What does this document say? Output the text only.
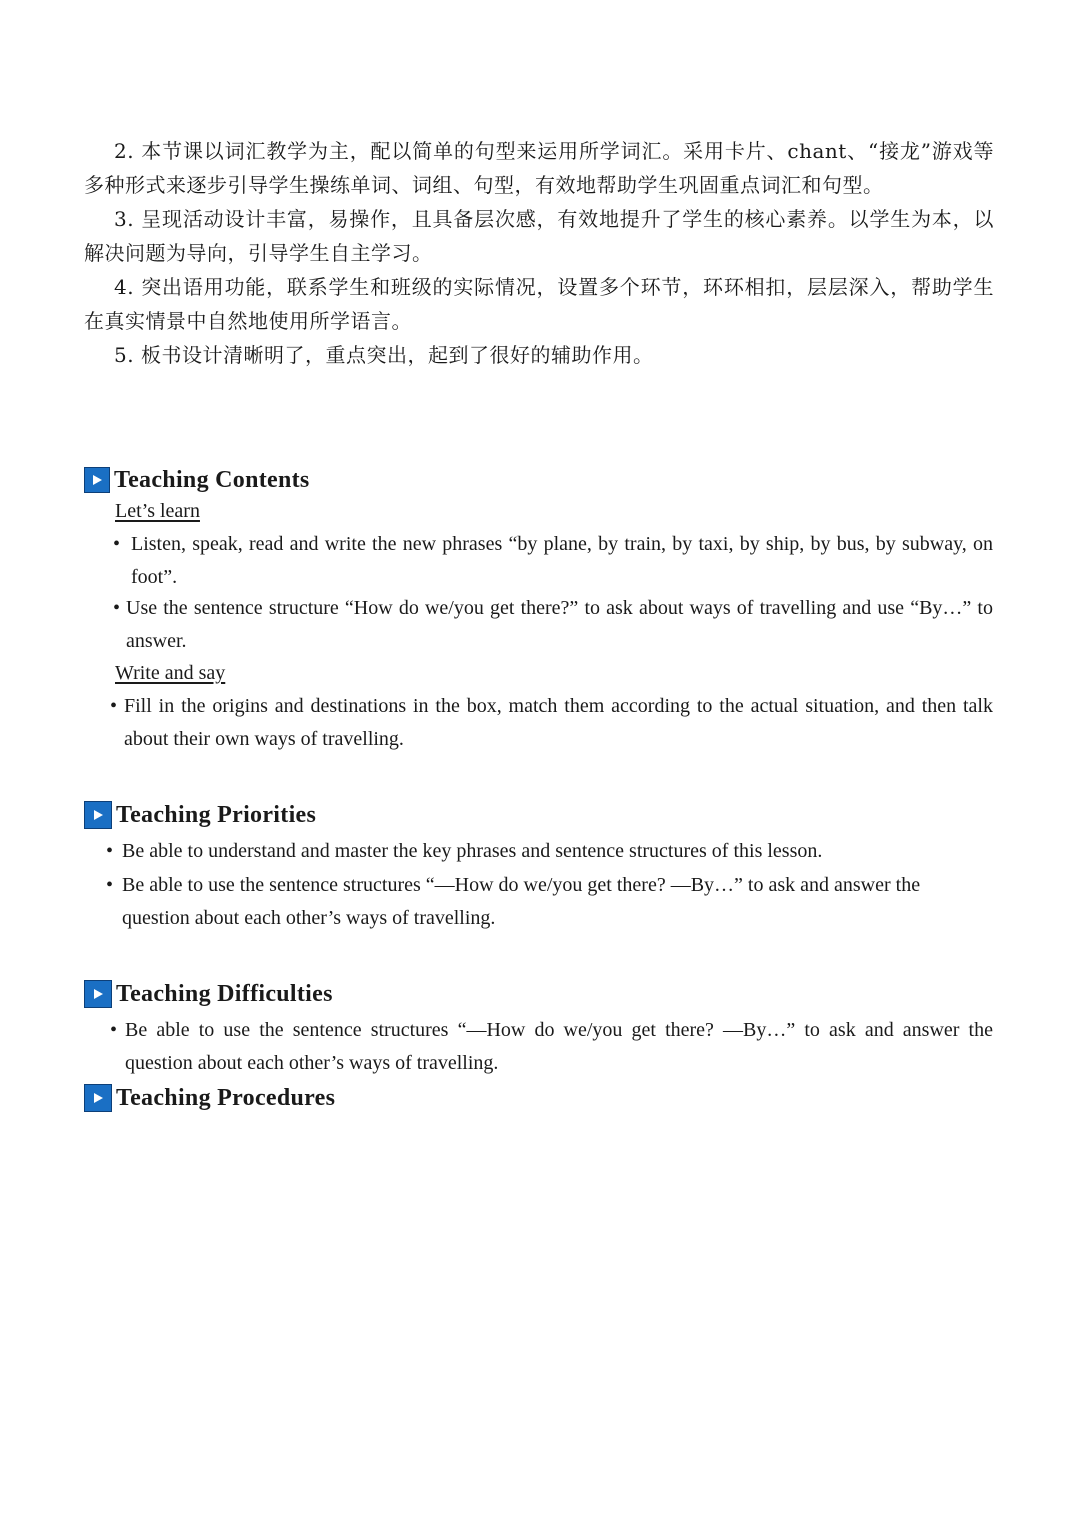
2. 本节课以词汇教学为主，配以简单的句型来运用所学词汇。采用卡片、chant、“接龙”游戏等多种形式来逐步引导学生操练单词、词组、句型，有效地帮助学生巩固重点词汇和句型。

3. 呈现活动设计丰富，易操作，且具备层次感，有效地提升了学生的核心素养。以学生为本，以解决问题为导向，引导学生自主学习。

4. 突出语用功能，联系学生和班级的实际情况，设置多个环节，环环相扣，层层深入，帮助学生在真实情景中自然地使用所学语言。

5. 板书设计清晰明了，重点突出，起到了很好的辅助作用。

Teaching Contents
Let’s learn
• Listen, speak, read and write the new phrases “by plane, by train, by taxi, by ship, by bus, by subway, on foot”.
• Use the sentence structure “How do we/you get there?” to ask about ways of travelling and use “By…” to answer.
Write and say
• Fill in the origins and destinations in the box, match them according to the actual situation, and then talk about their own ways of travelling.
Teaching Priorities
• Be able to understand and master the key phrases and sentence structures of this lesson.
• Be able to use the sentence structures “—How do we/you get there? —By…” to ask and answer the question about each other’s ways of travelling.
Teaching Difficulties
• Be able to use the sentence structures “—How do we/you get there? —By…” to ask and answer the question about each other’s ways of travelling.
Teaching Procedures
